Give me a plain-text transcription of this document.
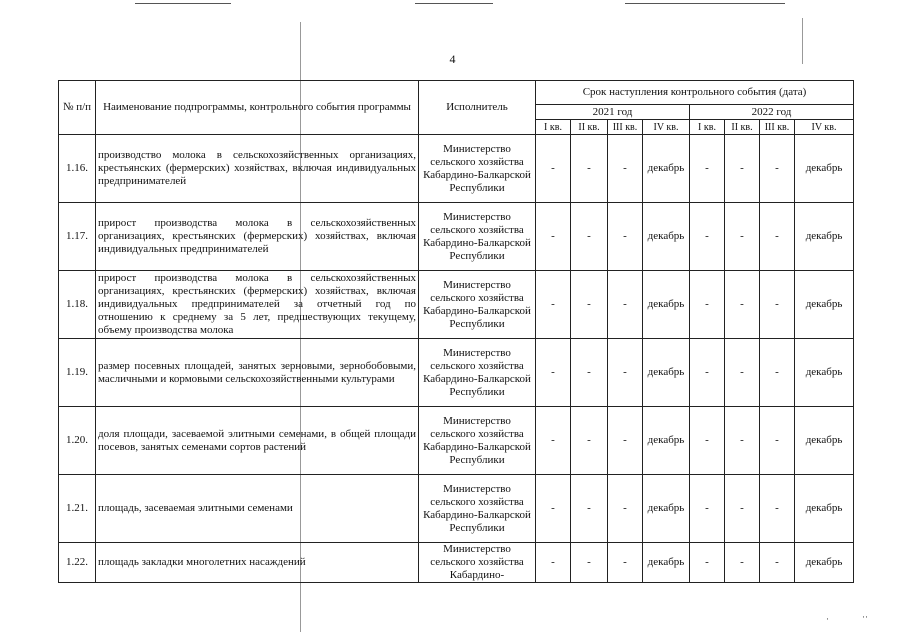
4
№ п/п	Наименование подпрограммы, контрольного события программы	Исполнитель	Срок наступления контрольного события (дата)							
			2021 год				2022 год			
			I кв.	II кв.	III кв.	IV кв.	I кв.	II кв.	III кв.	IV кв.
1.16.	производство молока в сельскохозяйственных организациях, крестьянских (фермерских) хозяйствах, включая индивидуальных предпринимателей	Министерство сельского хозяйства Кабардино-Балкарской Республики	-	-	-	декабрь	-	-	-	декабрь
1.17.	прирост производства молока в сельскохозяйственных организациях, крестьянских (фермерских) хозяйствах, включая индивидуальных предпринимателей	Министерство сельского хозяйства Кабардино-Балкарской Республики	-	-	-	декабрь	-	-	-	декабрь
1.18.	прирост производства молока в сельскохозяйственных организациях, крестьянских (фермерских) хозяйствах, включая индивидуальных предпринимателей за отчетный год по отношению к среднему за 5 лет, предшествующих текущему, объему производства молока	Министерство сельского хозяйства Кабардино-Балкарской Республики	-	-	-	декабрь	-	-	-	декабрь
1.19.	размер посевных площадей, занятых зерновыми, зернобобовыми, масличными и кормовыми сельскохозяйственными культурами	Министерство сельского хозяйства Кабардино-Балкарской Республики	-	-	-	декабрь	-	-	-	декабрь
1.20.	доля площади, засеваемой элитными семенами, в общей площади посевов, занятых семенами сортов растений	Министерство сельского хозяйства Кабардино-Балкарской Республики	-	-	-	декабрь	-	-	-	декабрь
1.21.	площадь, засеваемая элитными семенами	Министерство сельского хозяйства Кабардино-Балкарской Республики	-	-	-	декабрь	-	-	-	декабрь
1.22.	площадь закладки многолетних насаждений	Министерство сельского хозяйства Кабардино-	-	-	-	декабрь	-	-	-	декабрь
·	··
